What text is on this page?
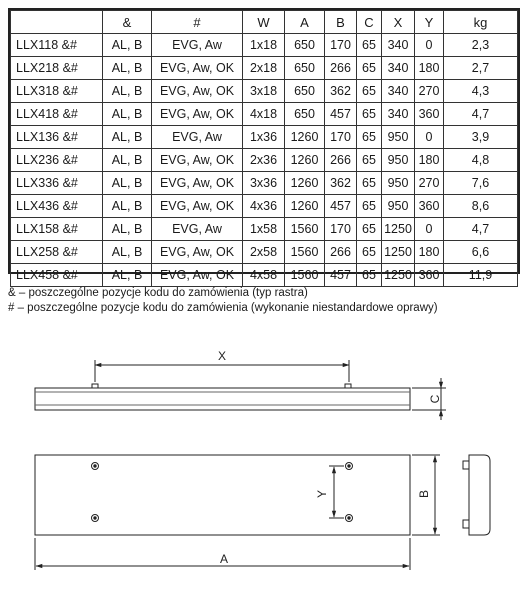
	&	#	W	A	B	C	X	Y	kg
LLX118 &#	AL, B	EVG, Aw	1x18	650	170	65	340	0	2,3
LLX218 &#	AL, B	EVG, Aw, OK	2x18	650	266	65	340	180	2,7
LLX318 &#	AL, B	EVG, Aw, OK	3x18	650	362	65	340	270	4,3
LLX418 &#	AL, B	EVG, Aw, OK	4x18	650	457	65	340	360	4,7
LLX136 &#	AL, B	EVG, Aw	1x36	1260	170	65	950	0	3,9
LLX236 &#	AL, B	EVG, Aw, OK	2x36	1260	266	65	950	180	4,8
LLX336 &#	AL, B	EVG, Aw, OK	3x36	1260	362	65	950	270	7,6
LLX436 &#	AL, B	EVG, Aw, OK	4x36	1260	457	65	950	360	8,6
LLX158 &#	AL, B	EVG, Aw	1x58	1560	170	65	1250	0	4,7
LLX258 &#	AL, B	EVG, Aw, OK	2x58	1560	266	65	1250	180	6,6
LLX458 &#	AL, B	EVG, Aw, OK	4x58	1560	457	65	1250	360	11,9
& – poszczególne pozycje kodu do zamówienia (typ rastra)
# – poszczególne pozycje kodu do zamówienia (wykonanie niestandardowe oprawy)
X
C
Y	B
A
